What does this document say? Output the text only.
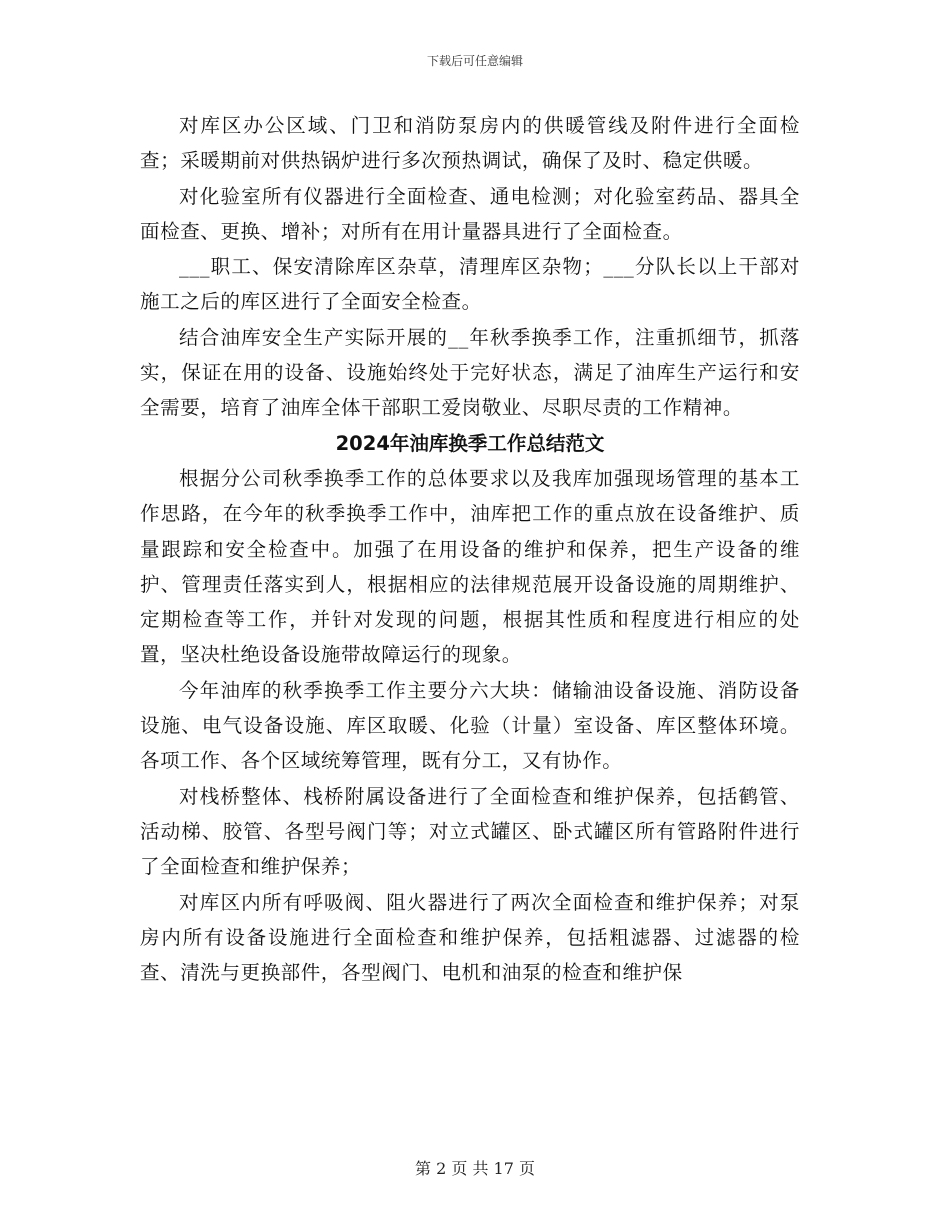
下载后可任意编辑

对库区办公区域、门卫和消防泵房内的供暖管线及附件进行全面检查；采暖期前对供热锅炉进行多次预热调试，确保了及时、稳定供暖。

对化验室所有仪器进行全面检查、通电检测；对化验室药品、器具全面检查、更换、增补；对所有在用计量器具进行了全面检查。

___职工、保安清除库区杂草，清理库区杂物；___分队长以上干部对施工之后的库区进行了全面安全检查。

结合油库安全生产实际开展的__年秋季换季工作，注重抓细节，抓落实，保证在用的设备、设施始终处于完好状态，满足了油库生产运行和安全需要，培育了油库全体干部职工爱岗敬业、尽职尽责的工作精神。

2024年油库换季工作总结范文

根据分公司秋季换季工作的总体要求以及我库加强现场管理的基本工作思路，在今年的秋季换季工作中，油库把工作的重点放在设备维护、质量跟踪和安全检查中。加强了在用设备的维护和保养，把生产设备的维护、管理责任落实到人，根据相应的法律规范展开设备设施的周期维护、定期检查等工作，并针对发现的问题，根据其性质和程度进行相应的处置，坚决杜绝设备设施带故障运行的现象。

今年油库的秋季换季工作主要分六大块：储输油设备设施、消防设备设施、电气设备设施、库区取暖、化验（计量）室设备、库区整体环境。各项工作、各个区域统筹管理，既有分工，又有协作。

对栈桥整体、栈桥附属设备进行了全面检查和维护保养，包括鹤管、活动梯、胶管、各型号阀门等；对立式罐区、卧式罐区所有管路附件进行了全面检查和维护保养；

对库区内所有呼吸阀、阻火器进行了两次全面检查和维护保养；对泵房内所有设备设施进行全面检查和维护保养，包括粗滤器、过滤器的检查、清洗与更换部件，各型阀门、电机和油泵的检查和维护保

第 2 页 共 17 页
